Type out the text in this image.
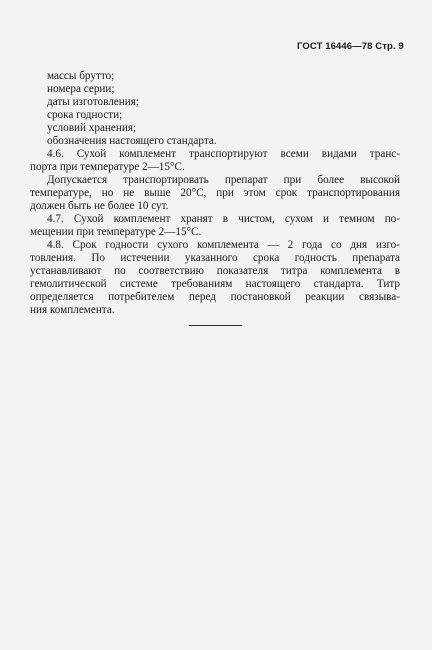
ГОСТ 16446—78 Стр. 9
массы брутто;
номера серии;
даты изготовления;
срока годности;
условий хранения;
обозначения настоящего стандарта.
4.6. Сухой комплемент транспортируют всеми видами транс-
порта при температуре 2—15°С.
Допускается транспортировать препарат при более высокой
температуре, но не выше 20°С, при этом срок транспортирования
должен быть не более 10 сут.
4.7. Сухой комплемент хранят в чистом, сухом и темном по-
мещении при температуре 2—15°С.
4.8. Срок годности сухого комплемента — 2 года со дня изго-
товления. По истечении указанного срока годность препарата
устанавливают по соответствию показателя титра комплемента в
гемолитической системе требованиям настоящего стандарта. Титр
определяется потребителем перед постановкой реакции связыва-
ния комплемента.
